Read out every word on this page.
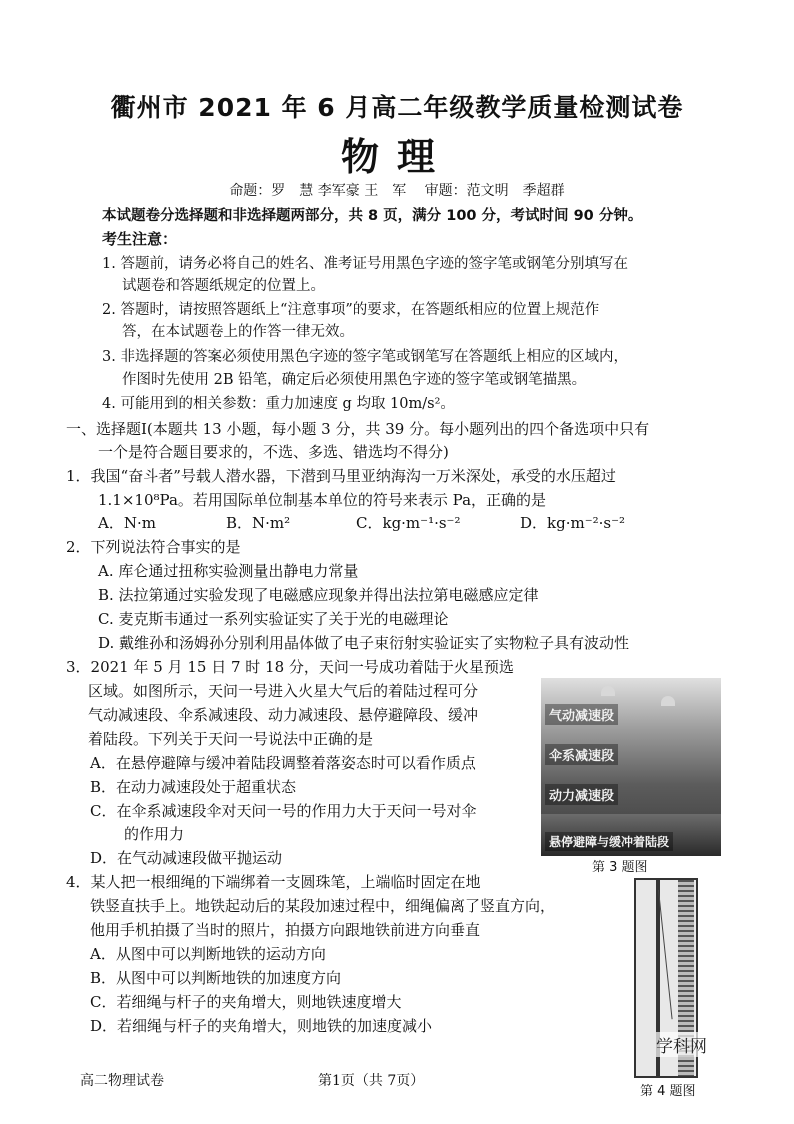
衢州市 2021 年 6 月高二年级教学质量检测试卷
物理
命题：罗　慧 李军豪 王　军　 审题：范文明　季超群
本试题卷分选择题和非选择题两部分，共 8 页，满分 100 分，考试时间 90 分钟。
考生注意：
1. 答题前，请务必将自己的姓名、准考证号用黑色字迹的签字笔或钢笔分别填写在
试题卷和答题纸规定的位置上。
2. 答题时，请按照答题纸上“注意事项”的要求，在答题纸相应的位置上规范作
答，在本试题卷上的作答一律无效。
3. 非选择题的答案必须使用黑色字迹的签字笔或钢笔写在答题纸上相应的区域内，
作图时先使用 2B 铅笔，确定后必须使用黑色字迹的签字笔或钢笔描黑。
4. 可能用到的相关参数：重力加速度 g 均取 10m/s²。
一、选择题Ⅰ(本题共 13 小题，每小题 3 分，共 39 分。每小题列出的四个备选项中只有
一个是符合题目要求的，不选、多选、错选均不得分)
1．我国“奋斗者”号载人潜水器，下潜到马里亚纳海沟一万米深处，承受的水压超过
1.1×10⁸Pa。若用国际单位制基本单位的符号来表示 Pa，正确的是
A．N·m	B．N·m²	C．kg·m⁻¹·s⁻²	D．kg·m⁻²·s⁻²
2．下列说法符合事实的是
A. 库仑通过扭称实验测量出静电力常量
B. 法拉第通过实验发现了电磁感应现象并得出法拉第电磁感应定律
C. 麦克斯韦通过一系列实验证实了关于光的电磁理论
D. 戴维孙和汤姆孙分别利用晶体做了电子束衍射实验证实了实物粒子具有波动性
3．2021 年 5 月 15 日 7 时 18 分，天问一号成功着陆于火星预选
区域。如图所示，天问一号进入火星大气后的着陆过程可分
气动减速段、伞系减速段、动力减速段、悬停避障段、缓冲
着陆段。下列关于天问一号说法中正确的是
A．在悬停避障与缓冲着陆段调整着落姿态时可以看作质点
B．在动力减速段处于超重状态
C．在伞系减速段伞对天问一号的作用力大于天问一号对伞
的作用力
D．在气动减速段做平抛运动
气动减速段
伞系减速段
动力减速段
悬停避障与缓冲着陆段
第 3 题图
4．某人把一根细绳的下端绑着一支圆珠笔，上端临时固定在地
铁竖直扶手上。地铁起动后的某段加速过程中，细绳偏离了竖直方向，
他用手机拍摄了当时的照片，拍摄方向跟地铁前进方向垂直
A．从图中可以判断地铁的运动方向
B．从图中可以判断地铁的加速度方向
C．若细绳与杆子的夹角增大，则地铁速度增大
D．若细绳与杆子的夹角增大，则地铁的加速度减小
学科网
第 4 题图
高二物理试卷	第1页（共 7页）
